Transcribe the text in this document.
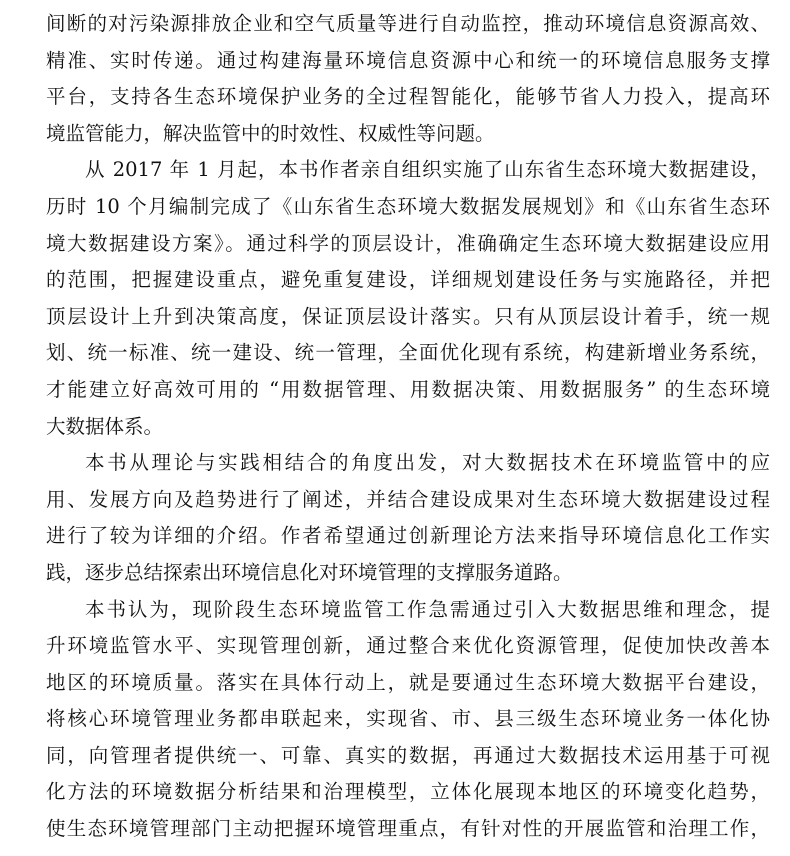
间断的对污染源排放企业和空气质量等进行自动监控，推动环境信息资源高效、
精准、实时传递。通过构建海量环境信息资源中心和统一的环境信息服务支撑
平台，支持各生态环境保护业务的全过程智能化，能够节省人力投入，提高环
境监管能力，解决监管中的时效性、权威性等问题。
从 2017 年 1 月起，本书作者亲自组织实施了山东省生态环境大数据建设，
历时 10 个月编制完成了《山东省生态环境大数据发展规划》和《山东省生态环
境大数据建设方案》。通过科学的顶层设计，准确确定生态环境大数据建设应用
的范围，把握建设重点，避免重复建设，详细规划建设任务与实施路径，并把
顶层设计上升到决策高度，保证顶层设计落实。只有从顶层设计着手，统一规
划、统一标准、统一建设、统一管理，全面优化现有系统，构建新增业务系统，
才能建立好高效可用的 “用数据管理、用数据决策、用数据服务” 的生态环境
大数据体系。
本书从理论与实践相结合的角度出发，对大数据技术在环境监管中的应
用、发展方向及趋势进行了阐述，并结合建设成果对生态环境大数据建设过程
进行了较为详细的介绍。作者希望通过创新理论方法来指导环境信息化工作实
践，逐步总结探索出环境信息化对环境管理的支撑服务道路。
本书认为，现阶段生态环境监管工作急需通过引入大数据思维和理念，提
升环境监管水平、实现管理创新，通过整合来优化资源管理，促使加快改善本
地区的环境质量。落实在具体行动上，就是要通过生态环境大数据平台建设，
将核心环境管理业务都串联起来，实现省、市、县三级生态环境业务一体化协
同，向管理者提供统一、可靠、真实的数据，再通过大数据技术运用基于可视
化方法的环境数据分析结果和治理模型，立体化展现本地区的环境变化趋势，
使生态环境管理部门主动把握环境管理重点，有针对性的开展监管和治理工作，
